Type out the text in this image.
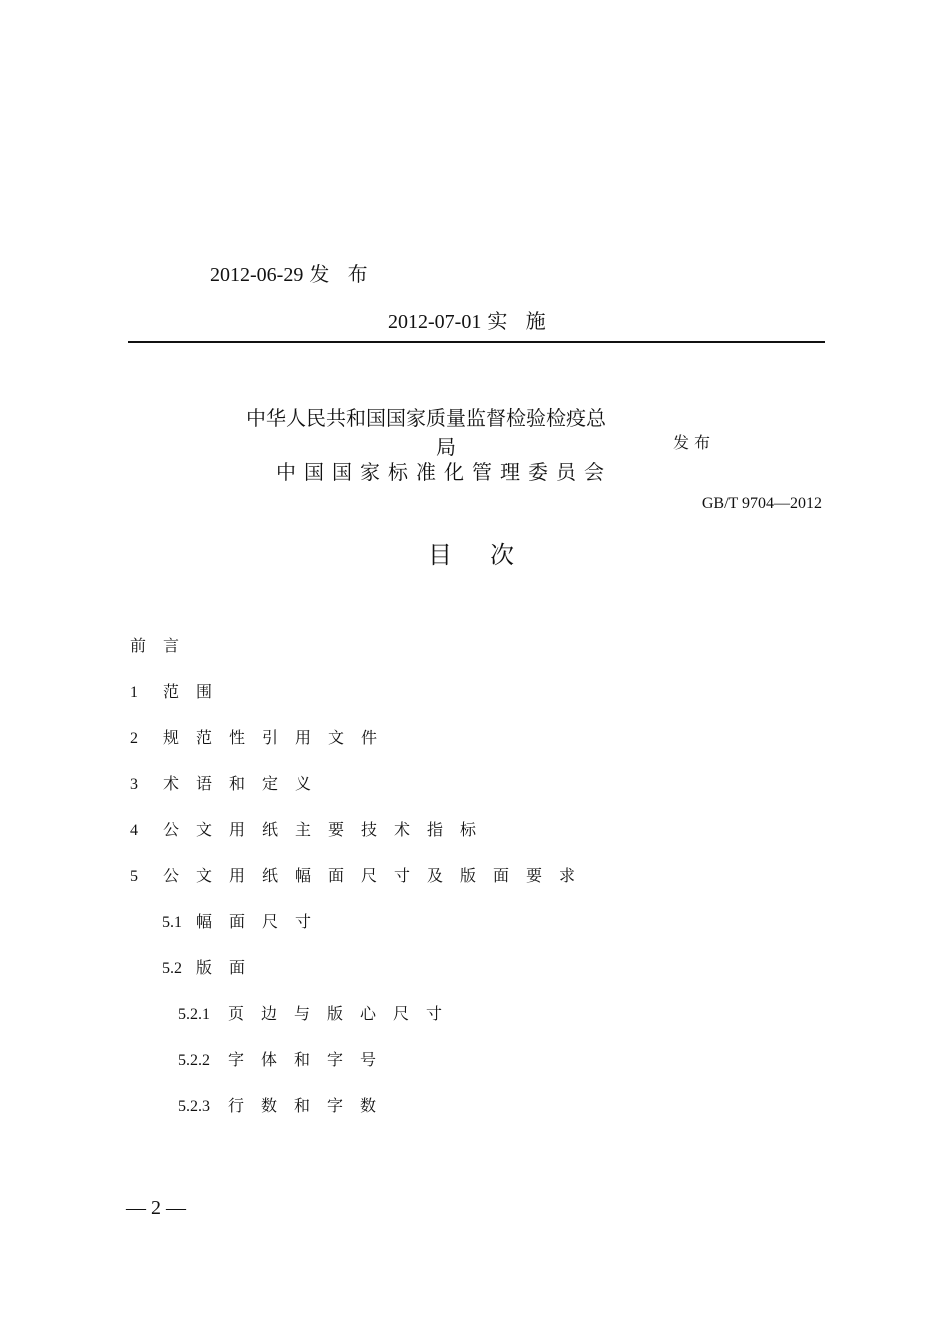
2012-06-29 发 布
2012-07-01 实 施
中华人民共和国国家质量监督检验检疫总
局
中国国家标准化管理委员会
发布
GB/T 9704—2012
目次
前言
1 范围
2 规范性引用文件
3 术语和定义
4 公文用纸主要技术指标
5 公文用纸幅面尺寸及版面要求
5.1 幅面尺寸
5.2 版面
5.2.1 页边与版心尺寸
5.2.2 字体和字号
5.2.3 行数和字数
— 2 —
